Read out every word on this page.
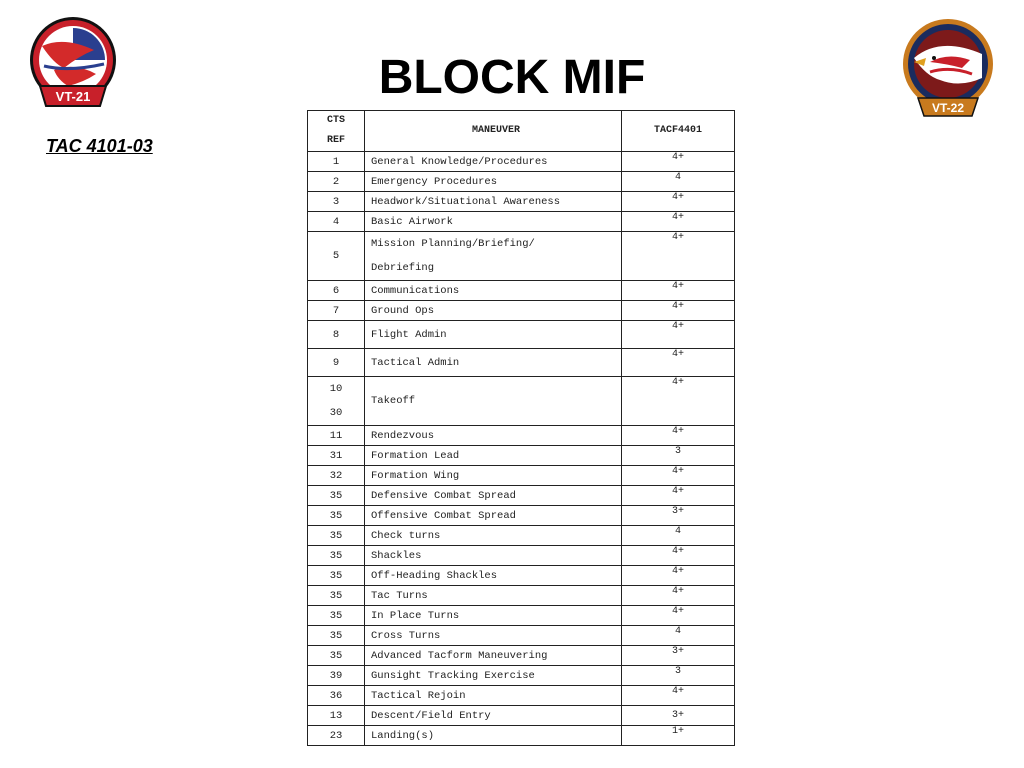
VT-21	BLOCK MIF
TAC 4101-03
VT-22
CTS
REF	MANEUVER	TACF4401
1	General Knowledge/Procedures	4+
2	Emergency Procedures	4
3	Headwork/Situational Awareness	4+
4	Basic Airwork	4+
5	Mission Planning/Briefing/
Debriefing	4+
6	Communications	4+
7	Ground Ops	4+
8	Flight Admin	4+
9	Tactical Admin	4+

10
30	Takeoff	4+
11	Rendezvous	4+
31	Formation Lead	3
32	Formation Wing	4+
35	Defensive Combat Spread	4+
35	Offensive Combat Spread	3+
35	Check turns	4
35	Shackles	4+
35	Off-Heading Shackles	4+
35	Tac Turns	4+
35	In Place Turns	4+
35	Cross Turns	4
35	Advanced Tacform Maneuvering	3+
39	Gunsight Tracking Exercise	3
36	Tactical Rejoin	4+
13	Descent/Field Entry	3+
23	Landing(s)	1+
